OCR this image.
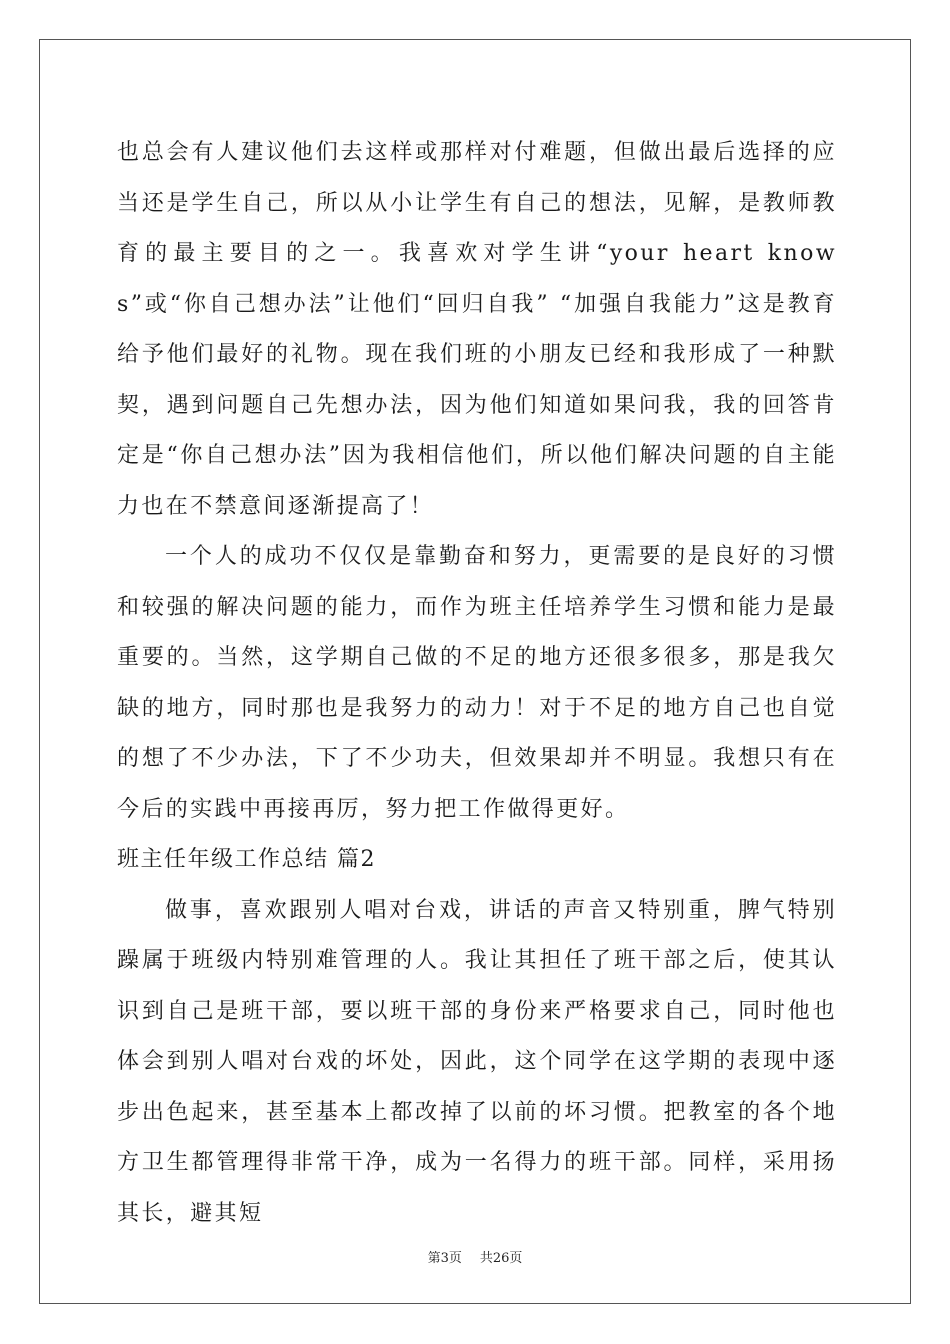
也总会有人建议他们去这样或那样对付难题，但做出最后选择的应当还是学生自己，所以从小让学生有自己的想法，见解，是教师教育的最主要目的之一。我喜欢对学生讲“your heart knows”或“你自己想办法”让他们“回归自我” “加强自我能力”这是教育给予他们最好的礼物。现在我们班的小朋友已经和我形成了一种默契，遇到问题自己先想办法，因为他们知道如果问我，我的回答肯定是“你自己想办法”因为我相信他们，所以他们解决问题的自主能力也在不禁意间逐渐提高了！

一个人的成功不仅仅是靠勤奋和努力，更需要的是良好的习惯和较强的解决问题的能力，而作为班主任培养学生习惯和能力是最重要的。当然，这学期自己做的不足的地方还很多很多，那是我欠缺的地方，同时那也是我努力的动力！对于不足的地方自己也自觉的想了不少办法，下了不少功夫，但效果却并不明显。我想只有在今后的实践中再接再厉，努力把工作做得更好。

班主任年级工作总结 篇2

做事，喜欢跟别人唱对台戏，讲话的声音又特别重，脾气特别躁属于班级内特别难管理的人。我让其担任了班干部之后，使其认识到自己是班干部，要以班干部的身份来严格要求自己，同时他也体会到别人唱对台戏的坏处，因此，这个同学在这学期的表现中逐步出色起来，甚至基本上都改掉了以前的坏习惯。把教室的各个地方卫生都管理得非常干净，成为一名得力的班干部。同样，采用扬其长，避其短

第3页 共26页
